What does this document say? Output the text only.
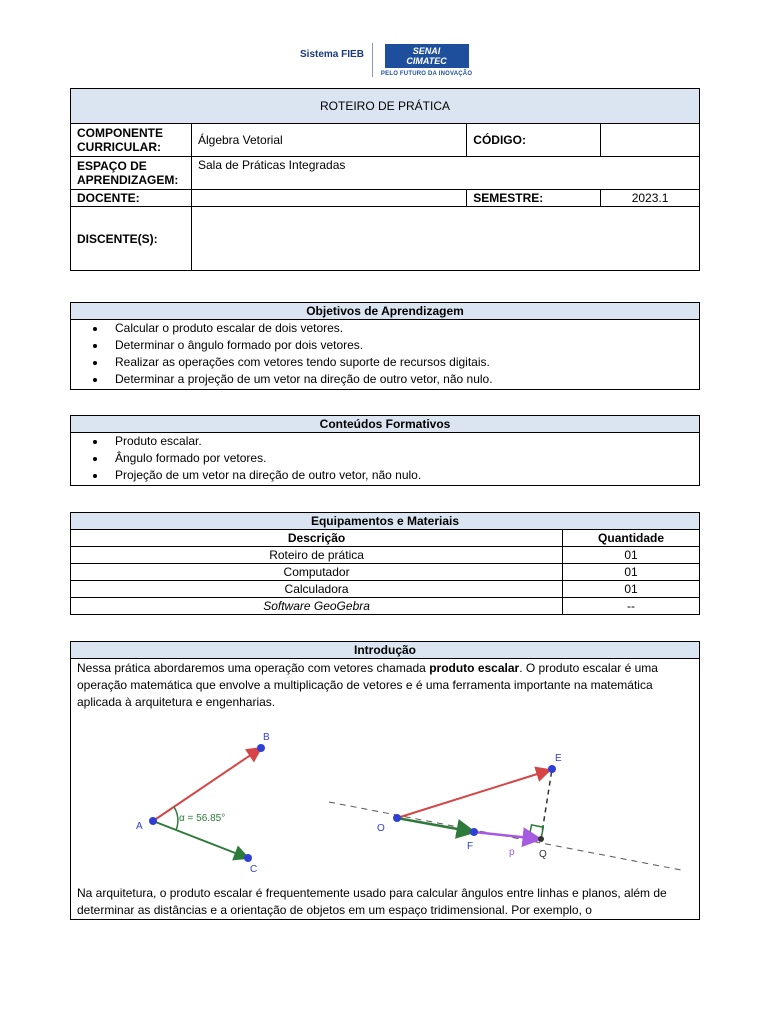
Sistema FIEB	SENAI
CIMATEC
PELO FUTURO DA INOVAÇÃO
ROTEIRO DE PRÁTICA			
COMPONENTE CURRICULAR:	Álgebra Vetorial	CÓDIGO:	
ESPAÇO DE APRENDIZAGEM:	Sala de Práticas Integradas		
DOCENTE:		SEMESTRE:	2023.1
DISCENTE(S):			
Objetivos de Aprendizagem

• Calcular o produto escalar de dois vetores.
• Determinar o ângulo formado por dois vetores.
• Realizar as operações com vetores tendo suporte de recursos digitais.
• Determinar a projeção de um vetor na direção de outro vetor, não nulo.
Conteúdos Formativos

• Produto escalar.
• Ângulo formado por vetores.
• Projeção de um vetor na direção de outro vetor, não nulo.
Equipamentos e Materiais	
Descrição	Quantidade
Roteiro de prática	01
Computador	01
Calculadora	01
Software GeoGebra	--
Introdução

Nessa prática abordaremos uma operação com vetores chamada produto escalar. O produto escalar é uma operação matemática que envolve a multiplicação de vetores e é uma ferramenta importante na matemática aplicada à arquitetura e engenharias.
A
B
C
α = 56.85°
O
E
F
p Q
Na arquitetura, o produto escalar é frequentemente usado para calcular ângulos entre linhas e planos, além de determinar as distâncias e a orientação de objetos em um espaço tridimensional. Por exemplo, o
